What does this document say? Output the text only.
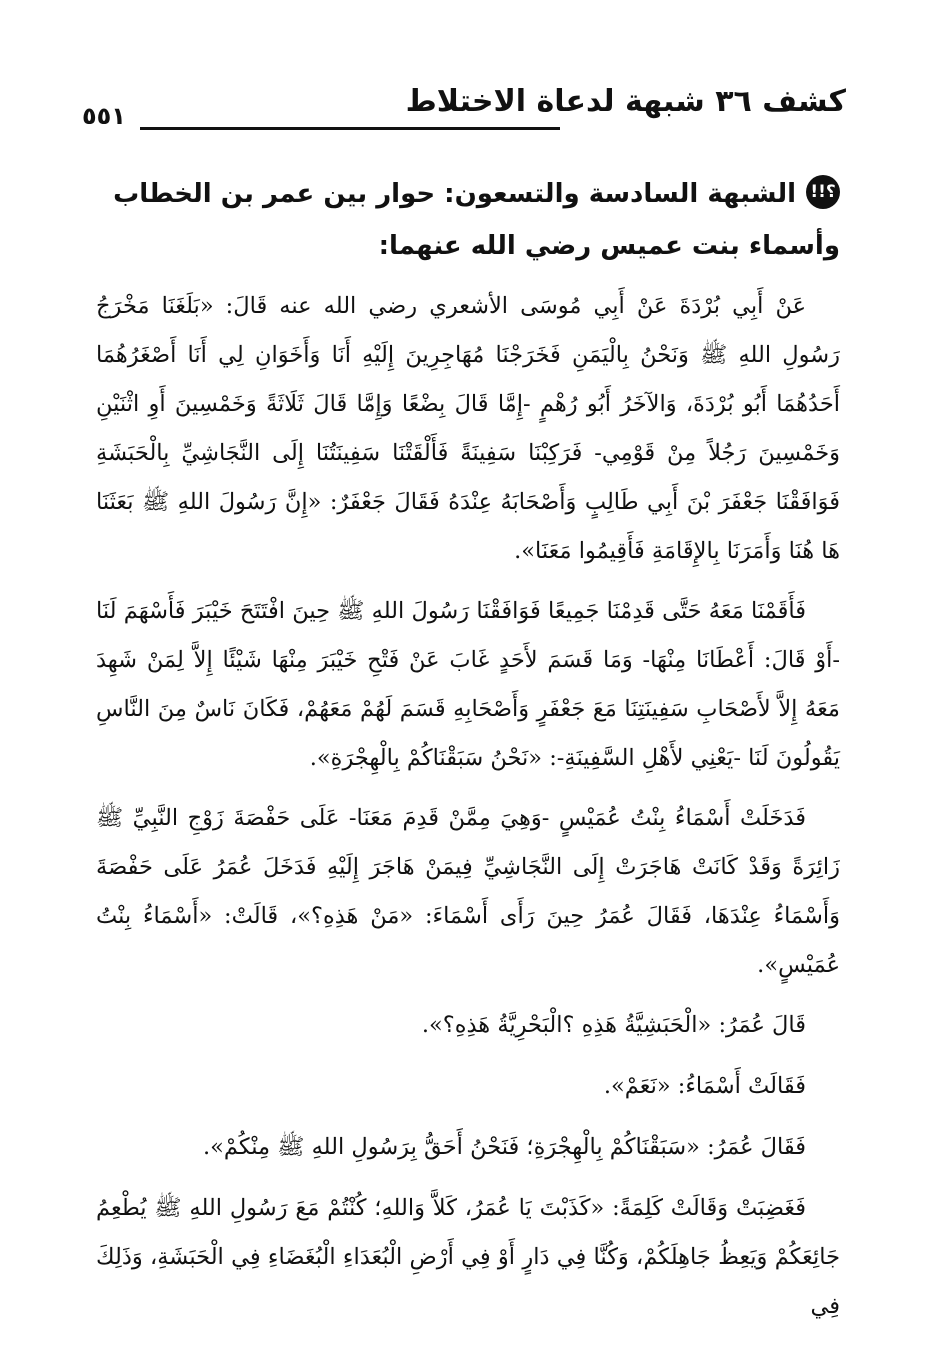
كشف ٣٦ شبهة لدعاة الاختلاط
٥٥١
؟!!الشبهة السادسة والتسعون: حوار بين عمر بن الخطاب
وأسماء بنت عميس رضي الله عنهما:

عَنْ أَبِي بُرْدَةَ عَنْ أَبِي مُوسَى الأشعري رضي الله عنه قَالَ: «بَلَغَنَا مَخْرَجُ رَسُولِ اللهِ ﷺ وَنَحْنُ بِالْيَمَنِ فَخَرَجْنَا مُهَاجِرِينَ إِلَيْهِ أَنَا وَأَخَوَانِ لِي أَنَا أَصْغَرُهُمَا أَحَدُهُمَا أَبُو بُرْدَةَ، وَالآخَرُ أَبُو رُهْمٍ -إِمَّا قَالَ بِضْعًا وَإِمَّا قَالَ ثَلَاثَةً وَخَمْسِينَ أَوِ اثْنَيْنِ وَخَمْسِينَ رَجُلاً مِنْ قَوْمِي- فَرَكِبْنَا سَفِينَةً فَأَلْقَتْنَا سَفِينَتُنَا إِلَى النَّجَاشِيِّ بِالْحَبَشَةِ فَوَافَقْنَا جَعْفَرَ بْنَ أَبِي طَالِبٍ وَأَصْحَابَهُ عِنْدَهُ فَقَالَ جَعْفَرٌ: «إِنَّ رَسُولَ اللهِ ﷺ بَعَثَنَا هَا هُنَا وَأَمَرَنَا بِالإِقَامَةِ فَأَقِيمُوا مَعَنَا».

فَأَقَمْنَا مَعَهُ حَتَّى قَدِمْنَا جَمِيعًا فَوَافَقْنَا رَسُولَ اللهِ ﷺ حِينَ افْتَتَحَ خَيْبَرَ فَأَسْهَمَ لَنَا -أَوْ قَالَ: أَعْطَانَا مِنْهَا- وَمَا قَسَمَ لأَحَدٍ غَابَ عَنْ فَتْحِ خَيْبَرَ مِنْهَا شَيْئًا إِلاَّ لِمَنْ شَهِدَ مَعَهُ إِلاَّ لأَصْحَابِ سَفِينَتِنَا مَعَ جَعْفَرٍ وَأَصْحَابِهِ قَسَمَ لَهُمْ مَعَهُمْ، فَكَانَ نَاسٌ مِنَ النَّاسِ يَقُولُونَ لَنَا -يَعْنِي لأَهْلِ السَّفِينَةِ-: «نَحْنُ سَبَقْنَاكُمْ بِالْهِجْرَةِ».

فَدَخَلَتْ أَسْمَاءُ بِنْتُ عُمَيْسٍ -وَهِيَ مِمَّنْ قَدِمَ مَعَنَا- عَلَى حَفْصَةَ زَوْجِ النَّبِيِّ ﷺ زَائِرَةً وَقَدْ كَانَتْ هَاجَرَتْ إِلَى النَّجَاشِيِّ فِيمَنْ هَاجَرَ إِلَيْهِ فَدَخَلَ عُمَرُ عَلَى حَفْصَةَ وَأَسْمَاءُ عِنْدَهَا، فَقَالَ عُمَرُ حِينَ رَأَى أَسْمَاءَ: «مَنْ هَذِهِ؟»، قَالَتْ: «أَسْمَاءُ بِنْتُ عُمَيْسٍ».

قَالَ عُمَرُ: «الْحَبَشِيَّةُ هَذِهِ ؟الْبَحْرِيَّةُ هَذِهِ؟».

فَقَالَتْ أَسْمَاءُ: «نَعَمْ».

فَقَالَ عُمَرُ: «سَبَقْنَاكُمْ بِالْهِجْرَةِ؛ فَنَحْنُ أَحَقُّ بِرَسُولِ اللهِ ﷺ مِنْكُمْ».

فَغَضِبَتْ وَقَالَتْ كَلِمَةً: «كَذَبْتَ يَا عُمَرُ، كَلاَّ وَاللهِ؛ كُنْتُمْ مَعَ رَسُولِ اللهِ ﷺ يُطْعِمُ جَائِعَكُمْ وَيَعِظُ جَاهِلَكُمْ، وَكُنَّا فِي دَارٍ أَوْ فِي أَرْضِ الْبُعَدَاءِ الْبُغَضَاءِ فِي الْحَبَشَةِ، وَذَلِكَ فِي
